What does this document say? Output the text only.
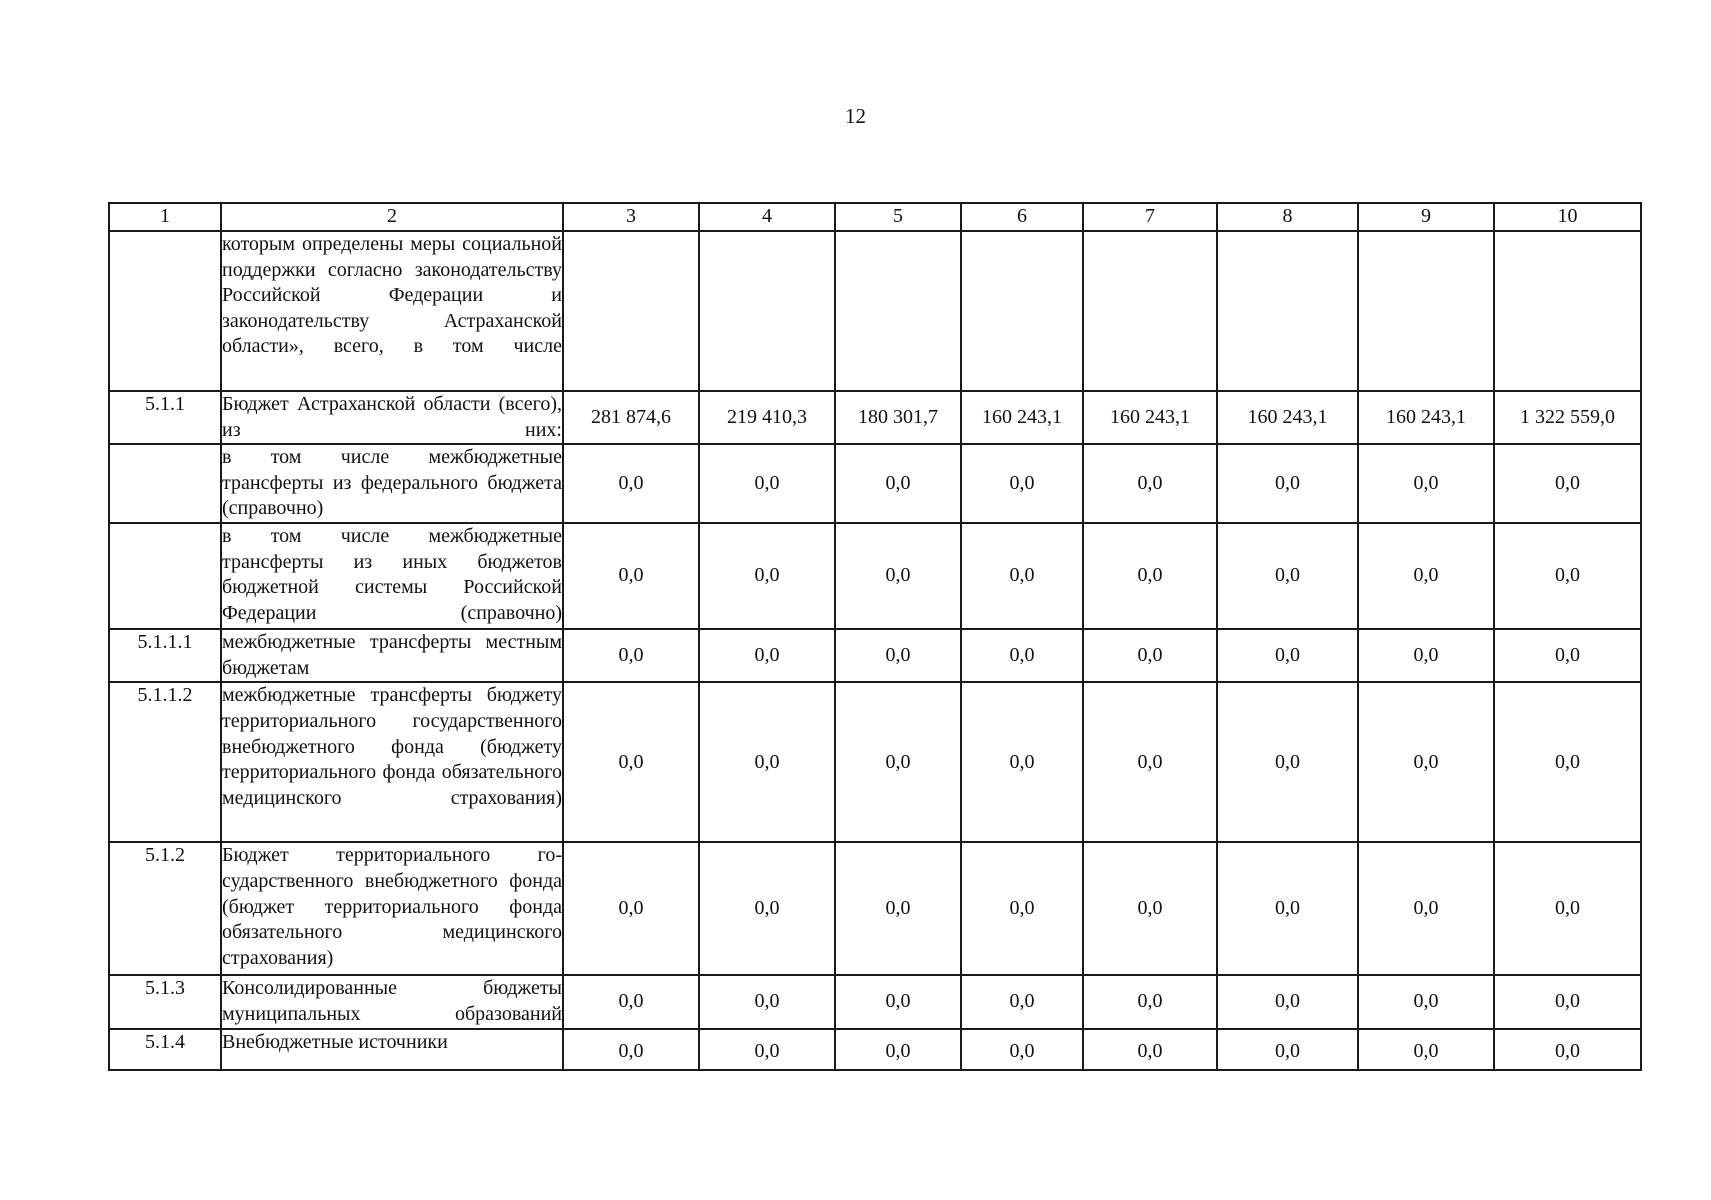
12
1	2	3	4	5	6	7	8	9	10
	которым определены меры социальной поддержки согласно законодательству Российской Федерации и законодательству Астраханской области», всего, в том числе								
5.1.1	Бюджет Астраханской области (всего), из них:	281 874,6	219 410,3	180 301,7	160 243,1	160 243,1	160 243,1	160 243,1	1 322 559,0
	в том числе межбюджетные трансферты из федерального бюджета (справочно)	0,0	0,0	0,0	0,0	0,0	0,0	0,0	0,0
	в том числе межбюджетные трансферты из иных бюджетов бюджетной системы Российской Федерации (справочно)	0,0	0,0	0,0	0,0	0,0	0,0	0,0	0,0
5.1.1.1	межбюджетные трансферты местным бюджетам	0,0	0,0	0,0	0,0	0,0	0,0	0,0	0,0
5.1.1.2	межбюджетные трансферты бюджету территориального государственного внебюджетного фонда (бюджету территориального фонда обязательного медицинского страхования)	0,0	0,0	0,0	0,0	0,0	0,0	0,0	0,0
5.1.2	Бюджет территориального государственного внебюджетного фонда (бюджет территориального фонда обязательного медицинского страхования)	0,0	0,0	0,0	0,0	0,0	0,0	0,0	0,0
5.1.3	Консолидированные бюджеты муниципальных образований	0,0	0,0	0,0	0,0	0,0	0,0	0,0	0,0
5.1.4	Внебюджетные источники	0,0	0,0	0,0	0,0	0,0	0,0	0,0	0,0
